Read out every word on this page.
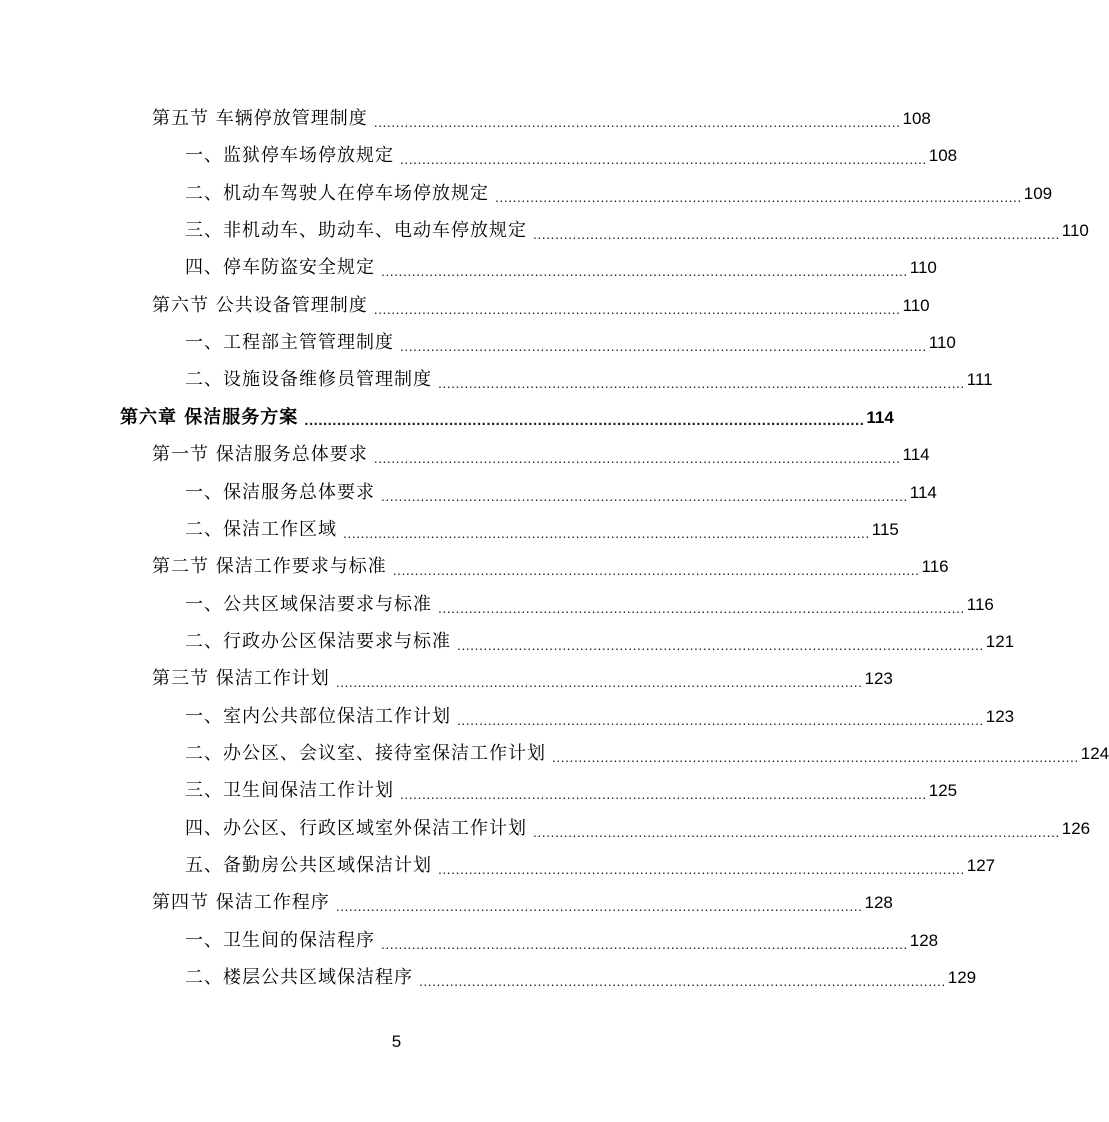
第五节 车辆停放管理制度 ........................................................................................................................ 108
一、监狱停车场停放规定 ........................................................................................................................ 108
二、机动车驾驶人在停车场停放规定 ........................................................................................................................ 109
三、非机动车、助动车、电动车停放规定 ........................................................................................................................ 110
四、停车防盗安全规定 ........................................................................................................................ 110
第六节 公共设备管理制度 ........................................................................................................................ 110
一、工程部主管管理制度 ........................................................................................................................ 110
二、设施设备维修员管理制度 ........................................................................................................................ 111
第六章 保洁服务方案 ........................................................................................................................ 114
第一节 保洁服务总体要求 ........................................................................................................................ 114
一、保洁服务总体要求 ........................................................................................................................ 114
二、保洁工作区域 ........................................................................................................................ 115
第二节 保洁工作要求与标准 ........................................................................................................................ 116
一、公共区域保洁要求与标准 ........................................................................................................................ 116
二、行政办公区保洁要求与标准 ........................................................................................................................ 121
第三节 保洁工作计划 ........................................................................................................................ 123
一、室内公共部位保洁工作计划 ........................................................................................................................ 123
二、办公区、会议室、接待室保洁工作计划 ........................................................................................................................ 124
三、卫生间保洁工作计划 ........................................................................................................................ 125
四、办公区、行政区域室外保洁工作计划 ........................................................................................................................ 126
五、备勤房公共区域保洁计划 ........................................................................................................................ 127
第四节 保洁工作程序 ........................................................................................................................ 128
一、卫生间的保洁程序 ........................................................................................................................ 128
二、楼层公共区域保洁程序 ........................................................................................................................ 129
5
